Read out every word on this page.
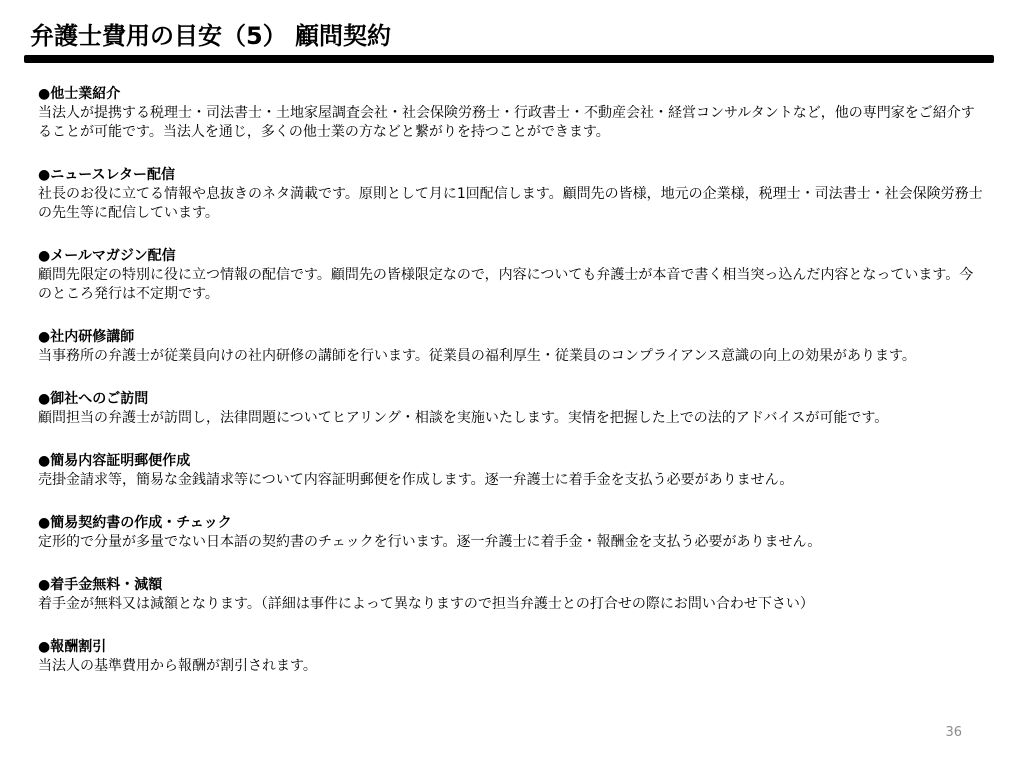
弁護士費用の目安（5） 顧問契約
●他士業紹介
当法人が提携する税理士・司法書士・土地家屋調査会社・社会保険労務士・行政書士・不動産会社・経営コンサルタントなど，他の専門家をご紹介することが可能です。当法人を通じ，多くの他士業の方などと繋がりを持つことができます。
●ニュースレター配信
社長のお役に立てる情報や息抜きのネタ満載です。原則として月に1回配信します。顧問先の皆様，地元の企業様，税理士・司法書士・社会保険労務士の先生等に配信しています。
●メールマガジン配信
顧問先限定の特別に役に立つ情報の配信です。顧問先の皆様限定なので，内容についても弁護士が本音で書く相当突っ込んだ内容となっています。今のところ発行は不定期です。
●社内研修講師
当事務所の弁護士が従業員向けの社内研修の講師を行います。従業員の福利厚生・従業員のコンプライアンス意識の向上の効果があります。
●御社へのご訪問
顧問担当の弁護士が訪問し，法律問題についてヒアリング・相談を実施いたします。実情を把握した上での法的アドバイスが可能です。
●簡易内容証明郵便作成
売掛金請求等，簡易な金銭請求等について内容証明郵便を作成します。逐一弁護士に着手金を支払う必要がありません。
●簡易契約書の作成・チェック
定形的で分量が多量でない日本語の契約書のチェックを行います。逐一弁護士に着手金・報酬金を支払う必要がありません。
●着手金無料・減額
着手金が無料又は減額となります。（詳細は事件によって異なりますので担当弁護士との打合せの際にお問い合わせ下さい）
●報酬割引
当法人の基準費用から報酬が割引されます。
36
